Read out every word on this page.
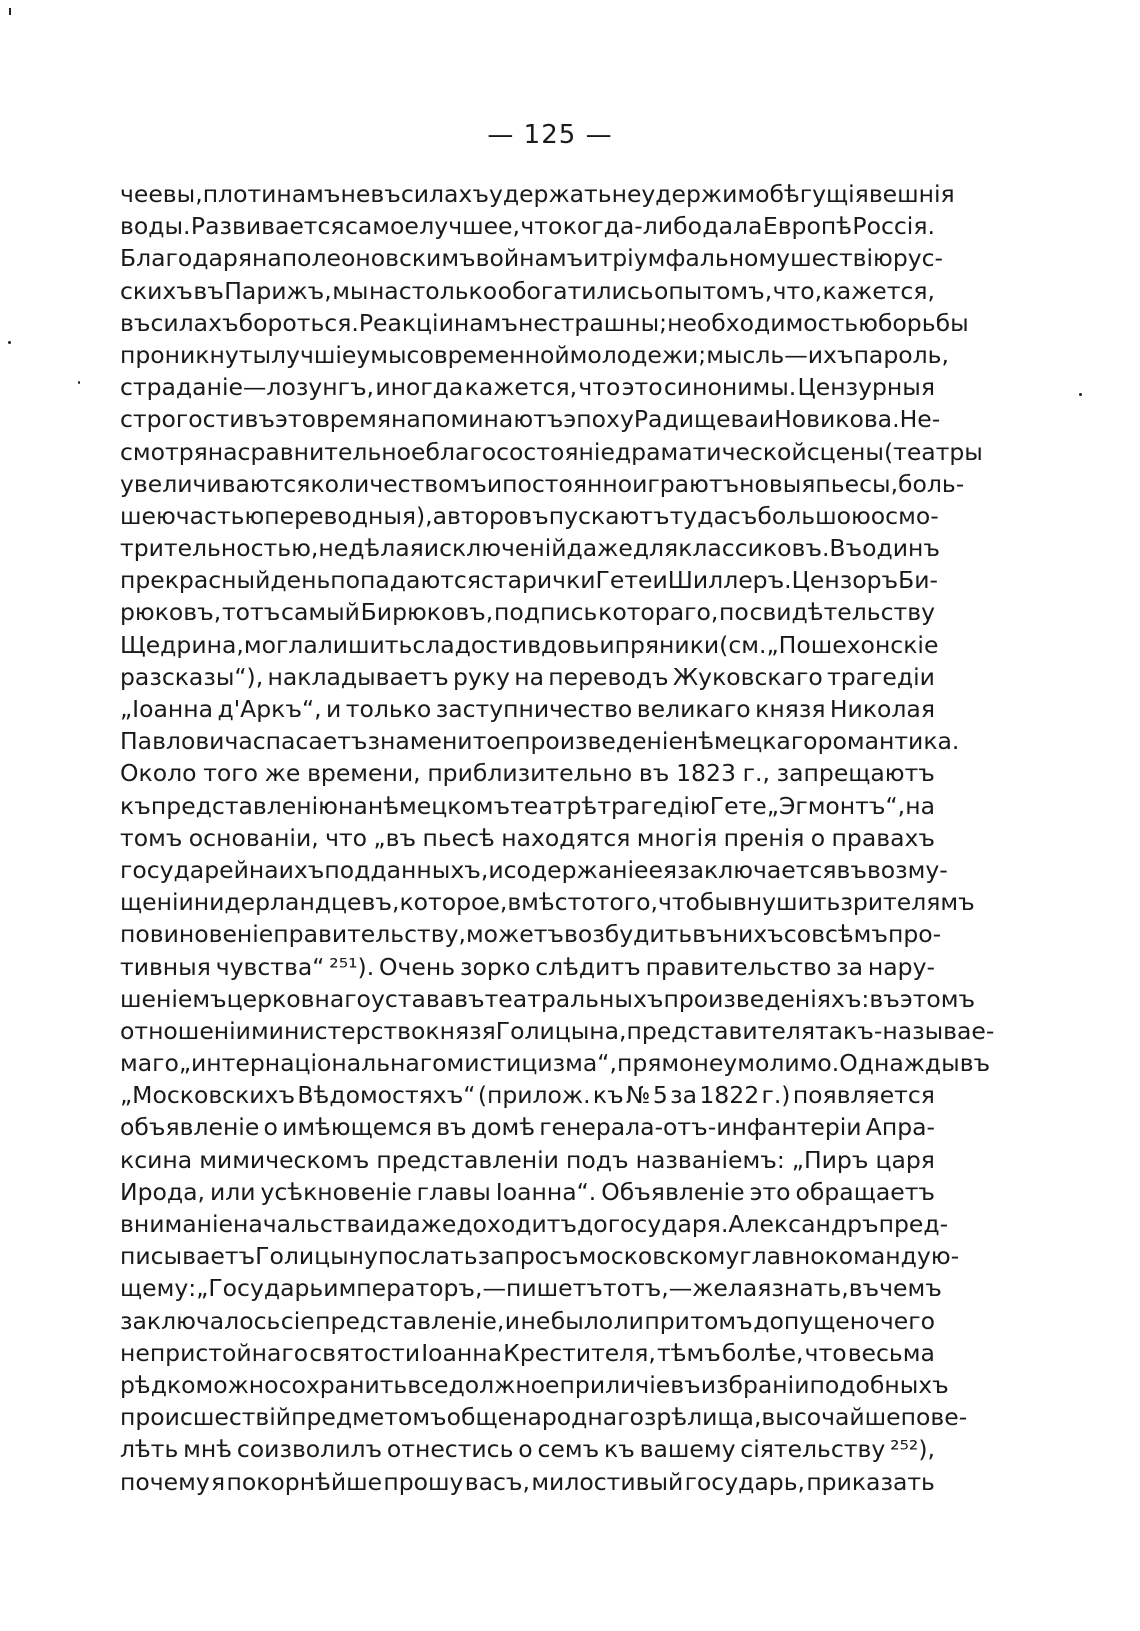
— 125 —
чеевы, плотинамъ не въ силахъ удержать неудержимо бѣгущія вешнія
воды. Развивается самое лучшее, что когда-либо дала Европѣ Россія.
Благодаря наполеоновскимъ войнамъ и тріумфальному шествію рус-
скихъ въ Парижъ, мы настолько обогатились опытомъ, что, кажется,
въ силахъ бороться. Реакціи намъ не страшны; необходимостью борьбы
проникнуты лучшіе умы современной молодежи; мысль—ихъ пароль,
страданіе—лозунгъ, иногда кажется, что это синонимы. Цензурныя
строгости въ это время напоминаютъ эпоху Радищева и Новикова. Не-
смотря на сравнительное благосостояніе драматической сцены (театры
увеличиваются количествомъ и постоянно играютъ новыя пьесы, боль-
шею частью переводныя), авторовъ пускаютъ туда съ большою осмо-
трительностью, не дѣлая исключеній даже для классиковъ. Въ одинъ
прекрасный день попадаются старички Гете и Шиллеръ. Цензоръ Би-
рюковъ, тотъ самый Бирюковъ, подпись котораго, по свидѣтельству
Щедрина, могла лишить сладости вдовьи пряники (см. „Пошехонскіе
разсказы“), накладываетъ руку на переводъ Жуковскаго трагедіи
„Іоанна д'Аркъ“, и только заступничество великаго князя Николая
Павловича спасаетъ знаменитое произведеніе нѣмецкаго романтика.
Около того же времени, приблизительно въ 1823 г., запрещаютъ
къ представленію на нѣмецкомъ театрѣ трагедію Гете „Эгмонтъ“, на
томъ основаніи, что „въ пьесѣ находятся многія пренія о правахъ
государей на ихъ подданныхъ, и содержаніе ея заключается въ возму-
щеніи нидерландцевъ, которое, вмѣсто того, чтобы внушить зрителямъ
повиновеніе правительству, можетъ возбудить въ нихъ совсѣмъ про-
тивныя чувства“ ²⁵¹). Очень зорко слѣдитъ правительство за нару-
шеніемъ церковнаго устава въ театральныхъ произведеніяхъ: въ этомъ
отношеніи министерство князя Голицына, представителя такъ-называе-
маго „интернаціональнаго мистицизма“, прямо неумолимо. Однажды въ
„Московскихъ Вѣдомостяхъ“ (прилож. къ № 5 за 1822 г.) появляется
объявленіе о имѣющемся въ домѣ генерала-отъ-инфантеріи Апра-
ксина мимическомъ представленіи подъ названіемъ: „Пиръ царя
Ирода, или усѣкновеніе главы Іоанна“. Объявленіе это обращаетъ
вниманіе начальства и даже доходитъ до государя. Александръ пред-
писываетъ Голицыну послать запросъ московскому главнокомандую-
щему: „Государь императоръ,—пишетъ тотъ,—желая знать, въ чемъ
заключалось сіе представленіе, и не было ли при томъ допущено чего
непристойнаго святости Іоанна Крестителя, тѣмъ болѣе, что весьма
рѣдко можно сохранить все должное приличіе въ избраніи подобныхъ
происшествій предметомъ общенароднаго зрѣлища, высочайше пове-
лѣть мнѣ соизволилъ отнестись о семъ къ вашему сіятельству ²⁵²),
почему я покорнѣйше прошу васъ, милостивый государь, приказать
